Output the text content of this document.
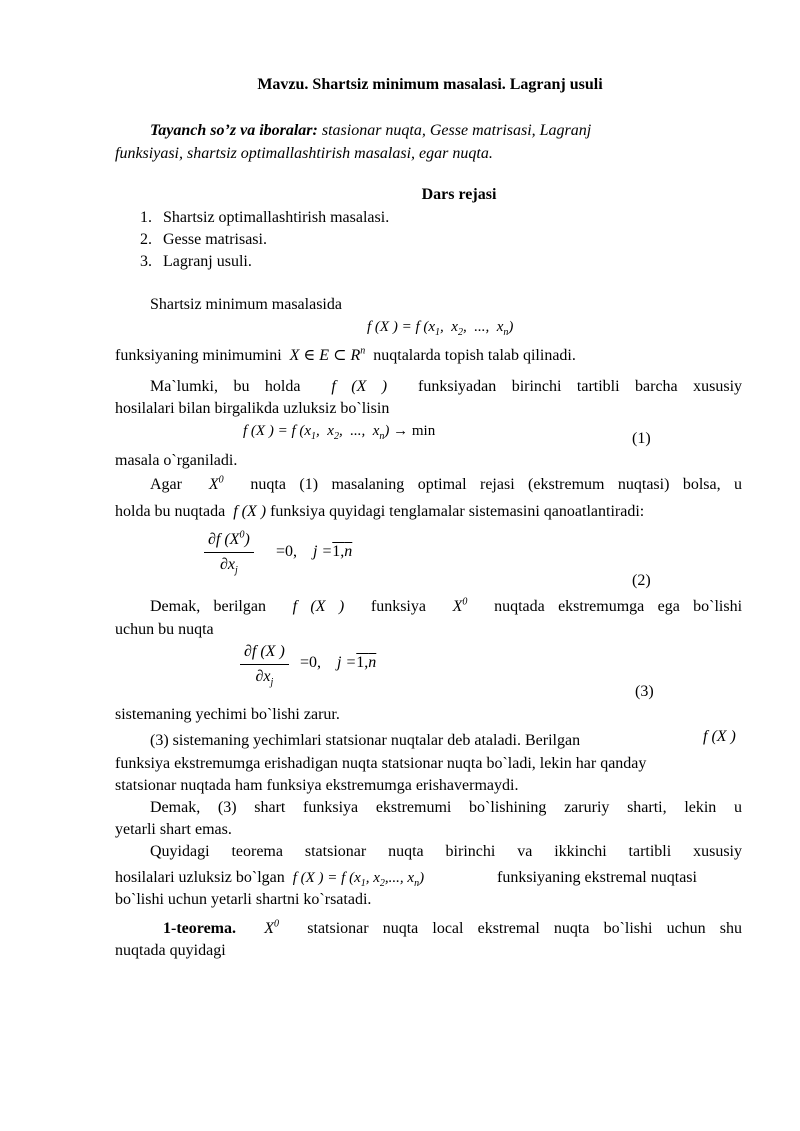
Mavzu. Shartsiz minimum masalasi. Lagranj usuli

Tayanch so’z va iboralar: stasionar nuqta, Gesse matrisasi, Lagranj

funksiyasi, shartsiz optimallashtirish masalasi, egar nuqta.

Dars rejasi

1. Shartsiz optimallashtirish masalasi.

2. Gesse matrisasi.

3. Lagranj usuli.

Shartsiz minimum masalasida

f (X ) = f ($x_1$,  $x_2$,  ...,  $x_n$)

funksiyaning minimumini X ∈ E ⊂ $R^n$ nuqtalarda topish talab qilinadi.

Ma`lumki, bu holda f (X ) funksiyadan birinchi tartibli barcha xususiy

hosilalari bilan birgalikda uzluksiz bo`lisin

f (X ) = f ($x_1$,  $x_2$,  ...,  $x_n) \to \min$	(1)

masala o`rganiladi.

Agar $X^0$ nuqta (1) masalaning optimal rejasi (ekstremum nuqtasi) bolsa, u

holda bu nuqtada f (X ) funksiya quyidagi tenglamalar sistemasini qanoatlantiradi:

$\frac{\partial f (X^0)}{\partial x_j} =0$, j =1,n

(2)

Demak, berilgan f (X ) funksiya $X^0$ nuqtada ekstremumga ega bo`lishi

uchun bu nuqta

$\frac{\partial f (X )}{\partial x_j} =0$, j =1,n

(3)

sistemaning yechimi bo`lishi zarur.

(3) sistemaning yechimlari statsionar nuqtalar deb ataladi. Berilgan	f (X )

funksiya ekstremumga erishadigan nuqta statsionar nuqta bo`ladi, lekin har qanday

statsionar nuqtada ham funksiya ekstremumga erishavermaydi.

Demak, (3) shart funksiya ekstremumi bo`lishining zaruriy sharti, lekin u

yetarli shart emas.

Quyidagi teorema statsionar nuqta birinchi va ikkinchi tartibli xususiy

hosilalari uzluksiz bo`lgan f (X ) = f ($x_1$, $x_2$,..., $x_n$)	funksiyaning ekstremal nuqtasi

bo`lishi uchun yetarli shartni ko`rsatadi.

1-teorema. $X^0$ statsionar nuqta local ekstremal nuqta bo`lishi uchun shu

nuqtada quyidagi
